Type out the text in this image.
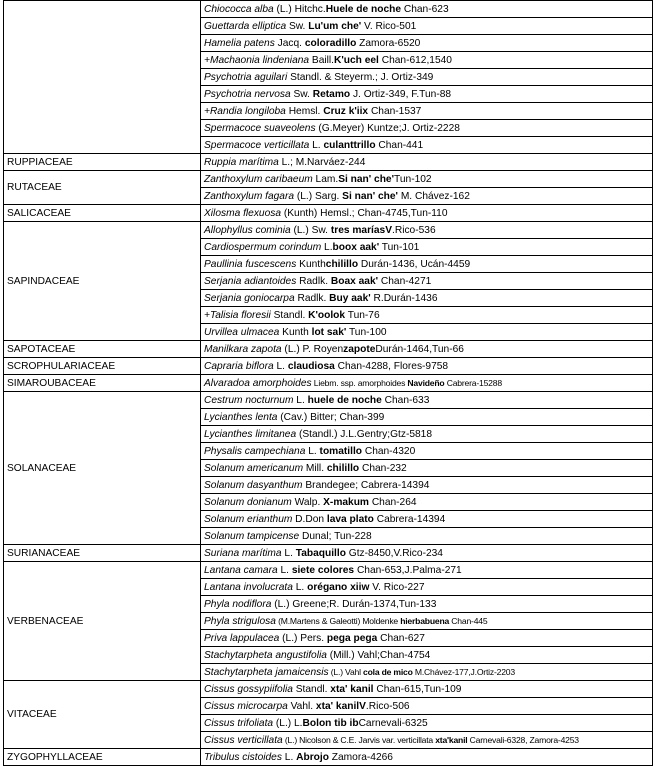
	Chiococca alba (L.) Hitchc.Huele de noche Chan-623
	Guettarda elliptica Sw. Lu'um che' V. Rico-501
	Hamelia patens Jacq. coloradillo Zamora-6520
	+Machaonia lindeniana Baill.K'uch eel Chan-612,1540
	Psychotria aguilari Standl. & Steyerm.; J. Ortiz-349
	Psychotria nervosa Sw. Retamo J. Ortiz-349, F.Tun-88
	+Randia longiloba Hemsl. Cruz k'iix Chan-1537
	Spermacoce suaveolens (G.Meyer) Kuntze;J. Ortiz-2228
	Spermacoce verticillata L. culanttrillo Chan-441
RUPPIACEAE	Ruppia marítima L.; M.Narváez-244
RUTACEAE	Zanthoxylum caribaeum Lam.Si nan' che'Tun-102
	Zanthoxylum fagara (L.) Sarg. Si nan' che' M. Chávez-162
SALICACEAE	Xilosma flexuosa (Kunth) Hemsl.; Chan-4745,Tun-110
SAPINDACEAE	Allophyllus cominia (L.) Sw. tres maríasV.Rico-536
	Cardiospermum corindum L.boox aak' Tun-101
	Paullinia fuscescens Kunthchilillo Durán-1436, Ucán-4459
	Serjania adiantoides Radlk. Boax aak' Chan-4271
	Serjania goniocarpa Radlk. Buy aak' R.Durán-1436
	+Talisia floresii Standl. K'oolok Tun-76
	Urvillea ulmacea Kunth lot sak' Tun-100
SAPOTACEAE	Manilkara zapota (L.) P. RoyenzapoteDurán-1464,Tun-66
SCROPHULARIACEAE	Capraria biflora L. claudiosa Chan-4288, Flores-9758
SIMAROUBACEAE	Alvaradoa amorphoides Liebm. ssp. amorphoides Navideño Cabrera-15288
SOLANACEAE	Cestrum nocturnum L. huele de noche Chan-633
	Lycianthes lenta (Cav.) Bitter; Chan-399
	Lycianthes limitanea (Standl.) J.L.Gentry;Gtz-5818
	Physalis campechiana L. tomatillo Chan-4320
	Solanum americanum Mill. chilillo Chan-232
	Solanum dasyanthum Brandegee; Cabrera-14394
	Solanum donianum Walp. X-makum Chan-264
	Solanum erianthum D.Don lava plato Cabrera-14394
	Solanum tampicense Dunal; Tun-228
SURIANACEAE	Suriana marítima L. Tabaquillo Gtz-8450,V.Rico-234
VERBENACEAE	Lantana camara L. siete colores Chan-653,J.Palma-271
	Lantana involucrata L. orégano xiiw V. Rico-227
	Phyla nodiflora (L.) Greene;R. Durán-1374,Tun-133
	Phyla strigulosa (M.Martens & Galeotti) Moldenke hierbabuena Chan-445
	Priva lappulacea (L.) Pers. pega pega Chan-627
	Stachytarpheta angustifolia (Mill.) Vahl;Chan-4754
	Stachytarpheta jamaicensis (L.) Vahl cola de mico M.Chávez-177,J.Ortiz-2203
VITACEAE	Cissus gossypiifolia Standl. xta' kanil Chan-615,Tun-109
	Cissus microcarpa Vahl. xta' kanilV.Rico-506
	Cissus trifoliata (L.) L.Bolon tib ibCarnevali-6325
	Cissus verticillata (L.) Nicolson & C.E. Jarvis var. verticillata xta'kanil Carnevali-6328, Zamora-4253
ZYGOPHYLLACEAE	Tribulus cistoides L. Abrojo Zamora-4266
